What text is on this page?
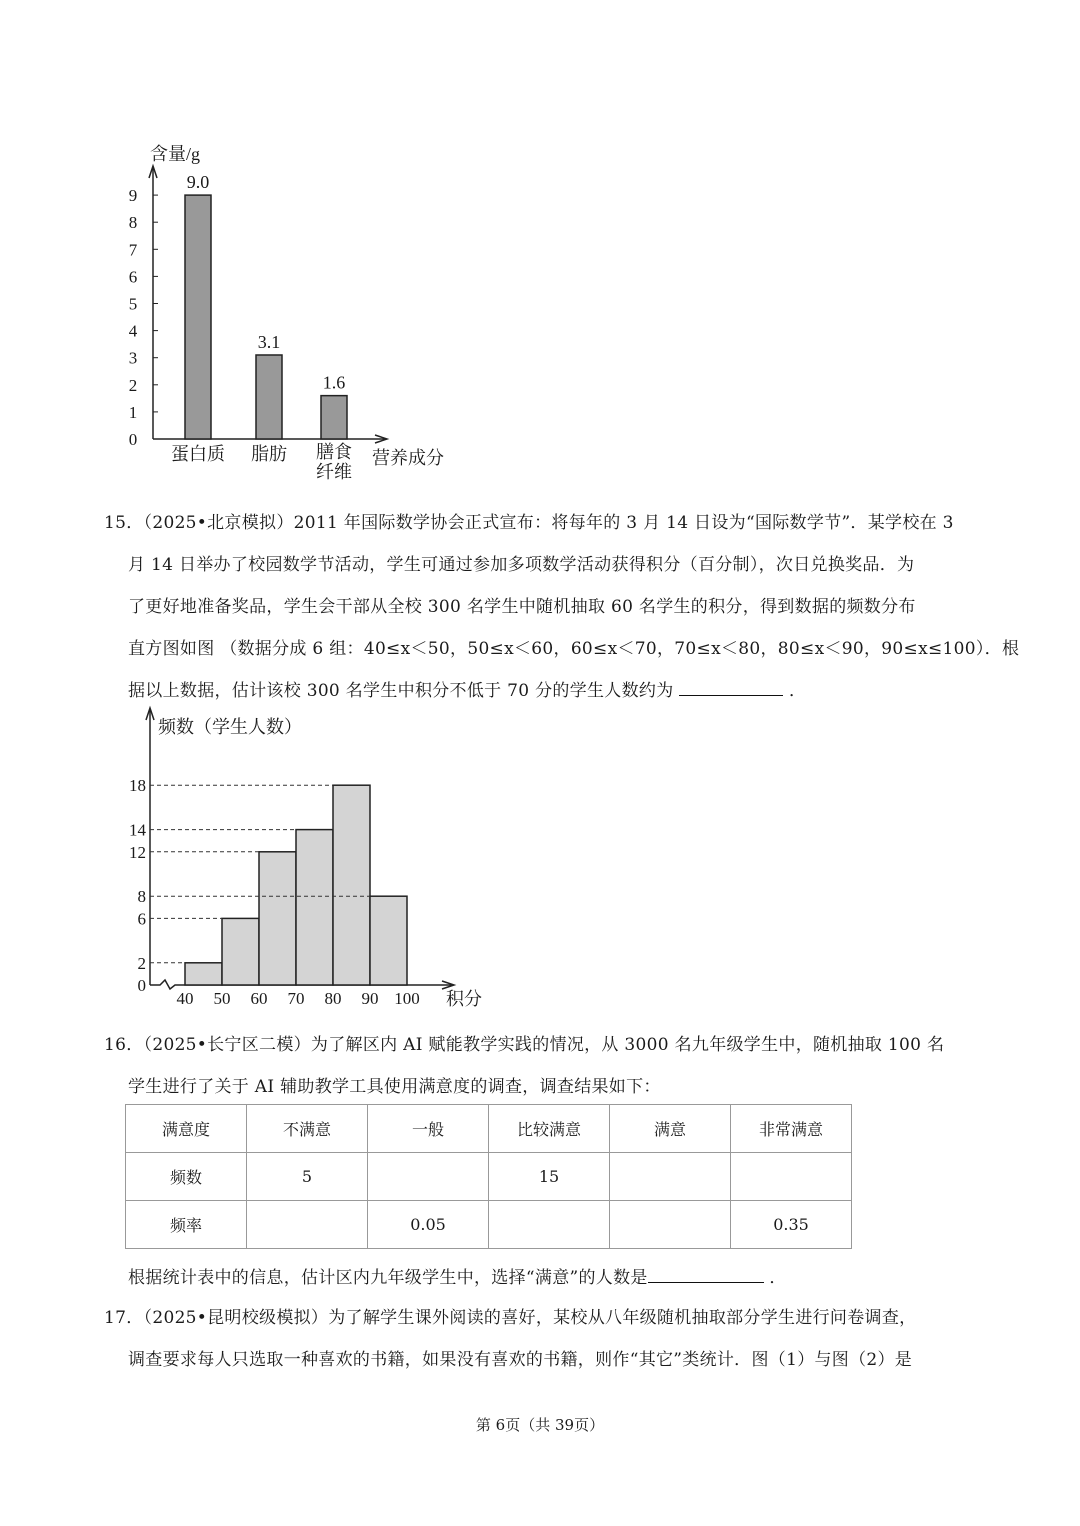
含量/g
营养成分
0
1
2
3
4
5
6
7
8
9
9.0
3.1
1.6
蛋白质 脂肪 膳食
纤维
频数（学生人数）
积分
0
2
6
8
12
14
18
40 50 60 70 80 90 100
15．（2025•北京模拟）2011 年国际数学协会正式宣布：将每年的 3 月 14 日设为“国际数学节”．某学校在 3
月 14 日举办了校园数学节活动，学生可通过参加多项数学活动获得积分（百分制），次日兑换奖品．为
了更好地准备奖品，学生会干部从全校 300 名学生中随机抽取 60 名学生的积分，得到数据的频数分布
直方图如图 （数据分成 6 组：40≤x＜50，50≤x＜60，60≤x＜70，70≤x＜80，80≤x＜90，90≤x≤100）．根
据以上数据，估计该校 300 名学生中积分不低于 70 分的学生人数约为	．
16．（2025•长宁区二模）为了解区内 AI 赋能教学实践的情况，从 3000 名九年级学生中，随机抽取 100 名
学生进行了关于 AI 辅助教学工具使用满意度的调查，调查结果如下：
满意度	不满意	一般	比较满意	满意	非常满意
频数	5		15		
频率		0.05			0.35
根据统计表中的信息，估计区内九年级学生中，选择“满意”的人数是	．
17．（2025•昆明校级模拟）为了解学生课外阅读的喜好，某校从八年级随机抽取部分学生进行问卷调查，
调查要求每人只选取一种喜欢的书籍，如果没有喜欢的书籍，则作“其它”类统计．图（1）与图（2）是
第 6页（共 39页）
